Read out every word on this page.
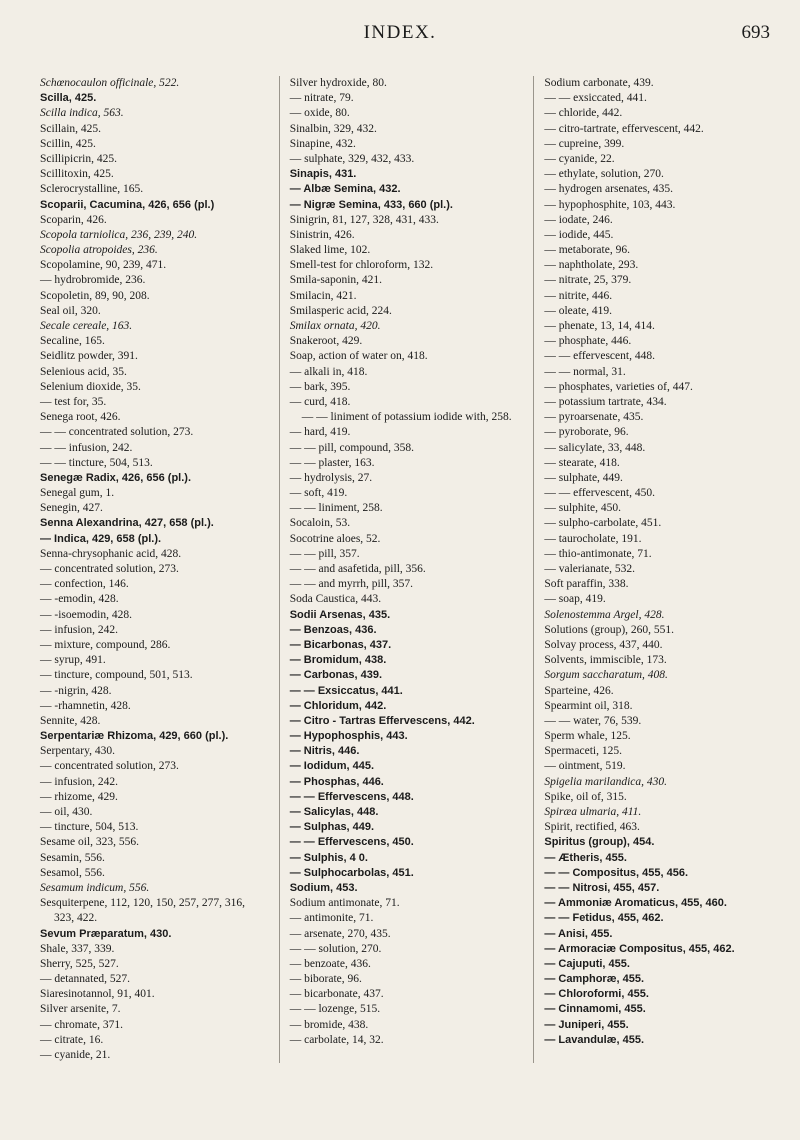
INDEX.	693
Schœnocaulon officinale, 522.
Scilla, 425.
Scilla indica, 563.
Scillain, 425.
Scillin, 425.
Scillipicrin, 425.
Scillitoxin, 425.
Sclerocrystalline, 165.
Scoparii, Cacumina, 426, 656 (pl.)
Scoparin, 426.
Scopola tarniolica, 236, 239, 240.
Scopolia atropoides, 236.
Scopolamine, 90, 239, 471.
— hydrobromide, 236.
Scopoletin, 89, 90, 208.
Seal oil, 320.
Secale cereale, 163.
Secaline, 165.
Seidlitz powder, 391.
Selenious acid, 35.
Selenium dioxide, 35.
— test for, 35.
Senega root, 426.
— — concentrated solution, 273.
— — infusion, 242.
— — tincture, 504, 513.
Senegæ Radix, 426, 656 (pl.).
Senegal gum, 1.
Senegin, 427.
Senna Alexandrina, 427, 658 (pl.).
— Indica, 429, 658 (pl.).
Senna-chrysophanic acid, 428.
— concentrated solution, 273.
— confection, 146.
— -emodin, 428.
— -isoemodin, 428.
— infusion, 242.
— mixture, compound, 286.
— syrup, 491.
— tincture, compound, 501, 513.
— -nigrin, 428.
— -rhamnetin, 428.
Sennite, 428.
Serpentariæ Rhizoma, 429, 660 (pl.).
Serpentary, 430.
— concentrated solution, 273.
— infusion, 242.
— rhizome, 429.
— oil, 430.
— tincture, 504, 513.
Sesame oil, 323, 556.
Sesamin, 556.
Sesamol, 556.
Sesamum indicum, 556.
Sesquiterpene, 112, 120, 150, 257, 277, 316, 323, 422.
Sevum Præparatum, 430.
Shale, 337, 339.
Sherry, 525, 527.
— detannated, 527.
Siaresinotannol, 91, 401.
Silver arsenite, 7.
— chromate, 371.
— citrate, 16.
— cyanide, 21.
Silver hydroxide, 80.
— nitrate, 79.
— oxide, 80.
Sinalbin, 329, 432.
Sinapine, 432.
— sulphate, 329, 432, 433.
Sinapis, 431.
— Albæ Semina, 432.
— Nigræ Semina, 433, 660 (pl.).
Sinigrin, 81, 127, 328, 431, 433.
Sinistrin, 426.
Slaked lime, 102.
Smell-test for chloroform, 132.
Smila-saponin, 421.
Smilacin, 421.
Smilasperic acid, 224.
Smilax ornata, 420.
Snakeroot, 429.
Soap, action of water on, 418.
— alkali in, 418.
— bark, 395.
— curd, 418.
— — liniment of potassium iodide with, 258.
— hard, 419.
— — pill, compound, 358.
— — plaster, 163.
— hydrolysis, 27.
— soft, 419.
— — liniment, 258.
Socaloin, 53.
Socotrine aloes, 52.
— — pill, 357.
— — and asafetida, pill, 356.
— — and myrrh, pill, 357.
Soda Caustica, 443.
Sodii Arsenas, 435.
— Benzoas, 436.
— Bicarbonas, 437.
— Bromidum, 438.
— Carbonas, 439.
— — Exsiccatus, 441.
— Chloridum, 442.
— Citro - Tartras Effervescens, 442.
— Hypophosphis, 443.
— Nitris, 446.
— Iodidum, 445.
— Phosphas, 446.
— — Effervescens, 448.
— Salicylas, 448.
— Sulphas, 449.
— — Effervescens, 450.
— Sulphis, 4 0.
— Sulphocarbolas, 451.
Sodium, 453.
Sodium antimonate, 71.
— antimonite, 71.
— arsenate, 270, 435.
— — solution, 270.
— benzoate, 436.
— biborate, 96.
— bicarbonate, 437.
— — lozenge, 515.
— bromide, 438.
— carbolate, 14, 32.
Sodium carbonate, 439.
— — exsiccated, 441.
— chloride, 442.
— citro-tartrate, effervescent, 442.
— cupreine, 399.
— cyanide, 22.
— ethylate, solution, 270.
— hydrogen arsenates, 435.
— hypophosphite, 103, 443.
— iodate, 246.
— iodide, 445.
— metaborate, 96.
— naphtholate, 293.
— nitrate, 25, 379.
— nitrite, 446.
— oleate, 419.
— phenate, 13, 14, 414.
— phosphate, 446.
— — effervescent, 448.
— — normal, 31.
— phosphates, varieties of, 447.
— potassium tartrate, 434.
— pyroarsenate, 435.
— pyroborate, 96.
— salicylate, 33, 448.
— stearate, 418.
— sulphate, 449.
— — effervescent, 450.
— sulphite, 450.
— sulpho-carbolate, 451.
— taurocholate, 191.
— thio-antimonate, 71.
— valerianate, 532.
Soft paraffin, 338.
— soap, 419.
Solenostemma Argel, 428.
Solutions (group), 260, 551.
Solvay process, 437, 440.
Solvents, immiscible, 173.
Sorgum saccharatum, 408.
Sparteine, 426.
Spearmint oil, 318.
— — water, 76, 539.
Sperm whale, 125.
Spermaceti, 125.
— ointment, 519.
Spigelia marilandica, 430.
Spike, oil of, 315.
Spiræa ulmaria, 411.
Spirit, rectified, 463.
Spiritus (group), 454.
— Ætheris, 455.
— — Compositus, 455, 456.
— — Nitrosi, 455, 457.
— Ammoniæ Aromaticus, 455, 460.
— — Fetidus, 455, 462.
— Anisi, 455.
— Armoraciæ Compositus, 455, 462.
— Cajuputi, 455.
— Camphoræ, 455.
— Chloroformi, 455.
— Cinnamomi, 455.
— Juniperi, 455.
— Lavandulæ, 455.
